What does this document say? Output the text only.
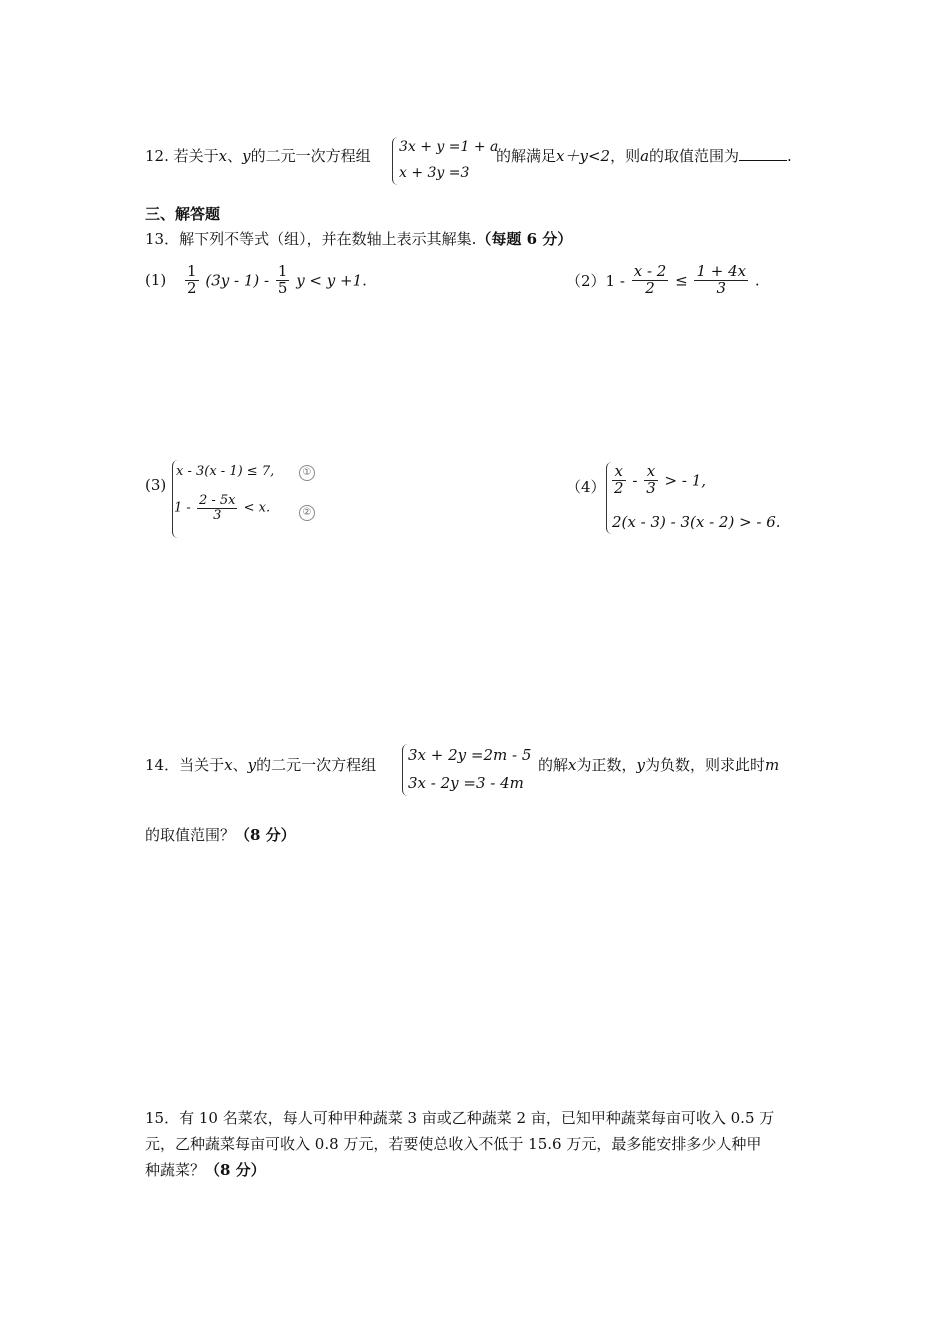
12. 若关于x、y的二元一次方程组 3x + y =1 + a
x + 3y =3
的解满足x＋y<2，则a的取值范围为	.
三、解答题
13．解下列不等式（组），并在数轴上表示其解集.（每题 6 分）
$(1) \frac{1}{2} (3y - 1) - \frac{1}{5}$ y < y +1.	$(2)1 - \frac{x - 2}{2} \le \frac{1 + 4x}{3}$ .
(3)
x - 3(x - 1) ≤ 7,	①
$1 - \frac{2 - 5x}{3} < x$.	②
$(4) \frac{x}{2} - \frac{x}{3}$ > - 1,
2(x - 3) - 3(x - 2) > - 6.
14．当关于x、y的二元一次方程组
3x + 2y =2m - 5
3x - 2y =3 - 4m
的解x为正数，y为负数，则求此时m
的取值范围？（8 分）
15．有 10 名菜农，每人可种甲种蔬菜 3 亩或乙种蔬菜 2 亩，已知甲种蔬菜每亩可收入 0.5 万
元，乙种蔬菜每亩可收入 0.8 万元，若要使总收入不低于 15.6 万元，最多能安排多少人种甲
种蔬菜？（8 分）
